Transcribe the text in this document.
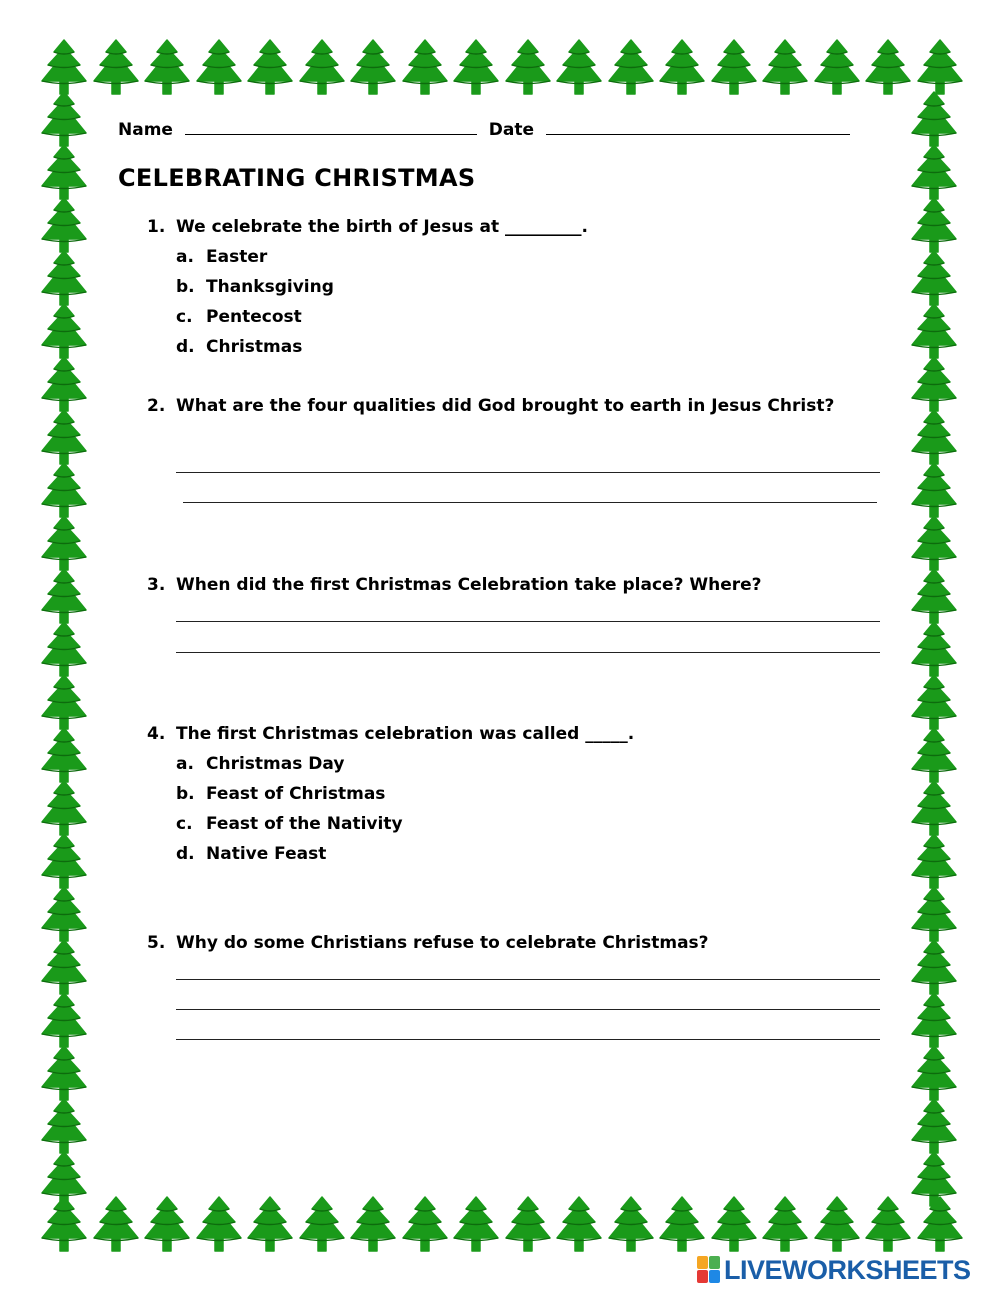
Name	Date
CELEBRATING CHRISTMAS
1. We celebrate the birth of Jesus at _________.
a. Easter
b. Thanksgiving
c. Pentecost
d. Christmas
2. What are the four qualities did God brought to earth in Jesus Christ?
3. When did the first Christmas Celebration take place? Where?
4. The first Christmas celebration was called _____.
a. Christmas Day
b. Feast of Christmas
c. Feast of the Nativity
d. Native Feast
5. Why do some Christians refuse to celebrate Christmas?
LIVEWORKSHEETS
